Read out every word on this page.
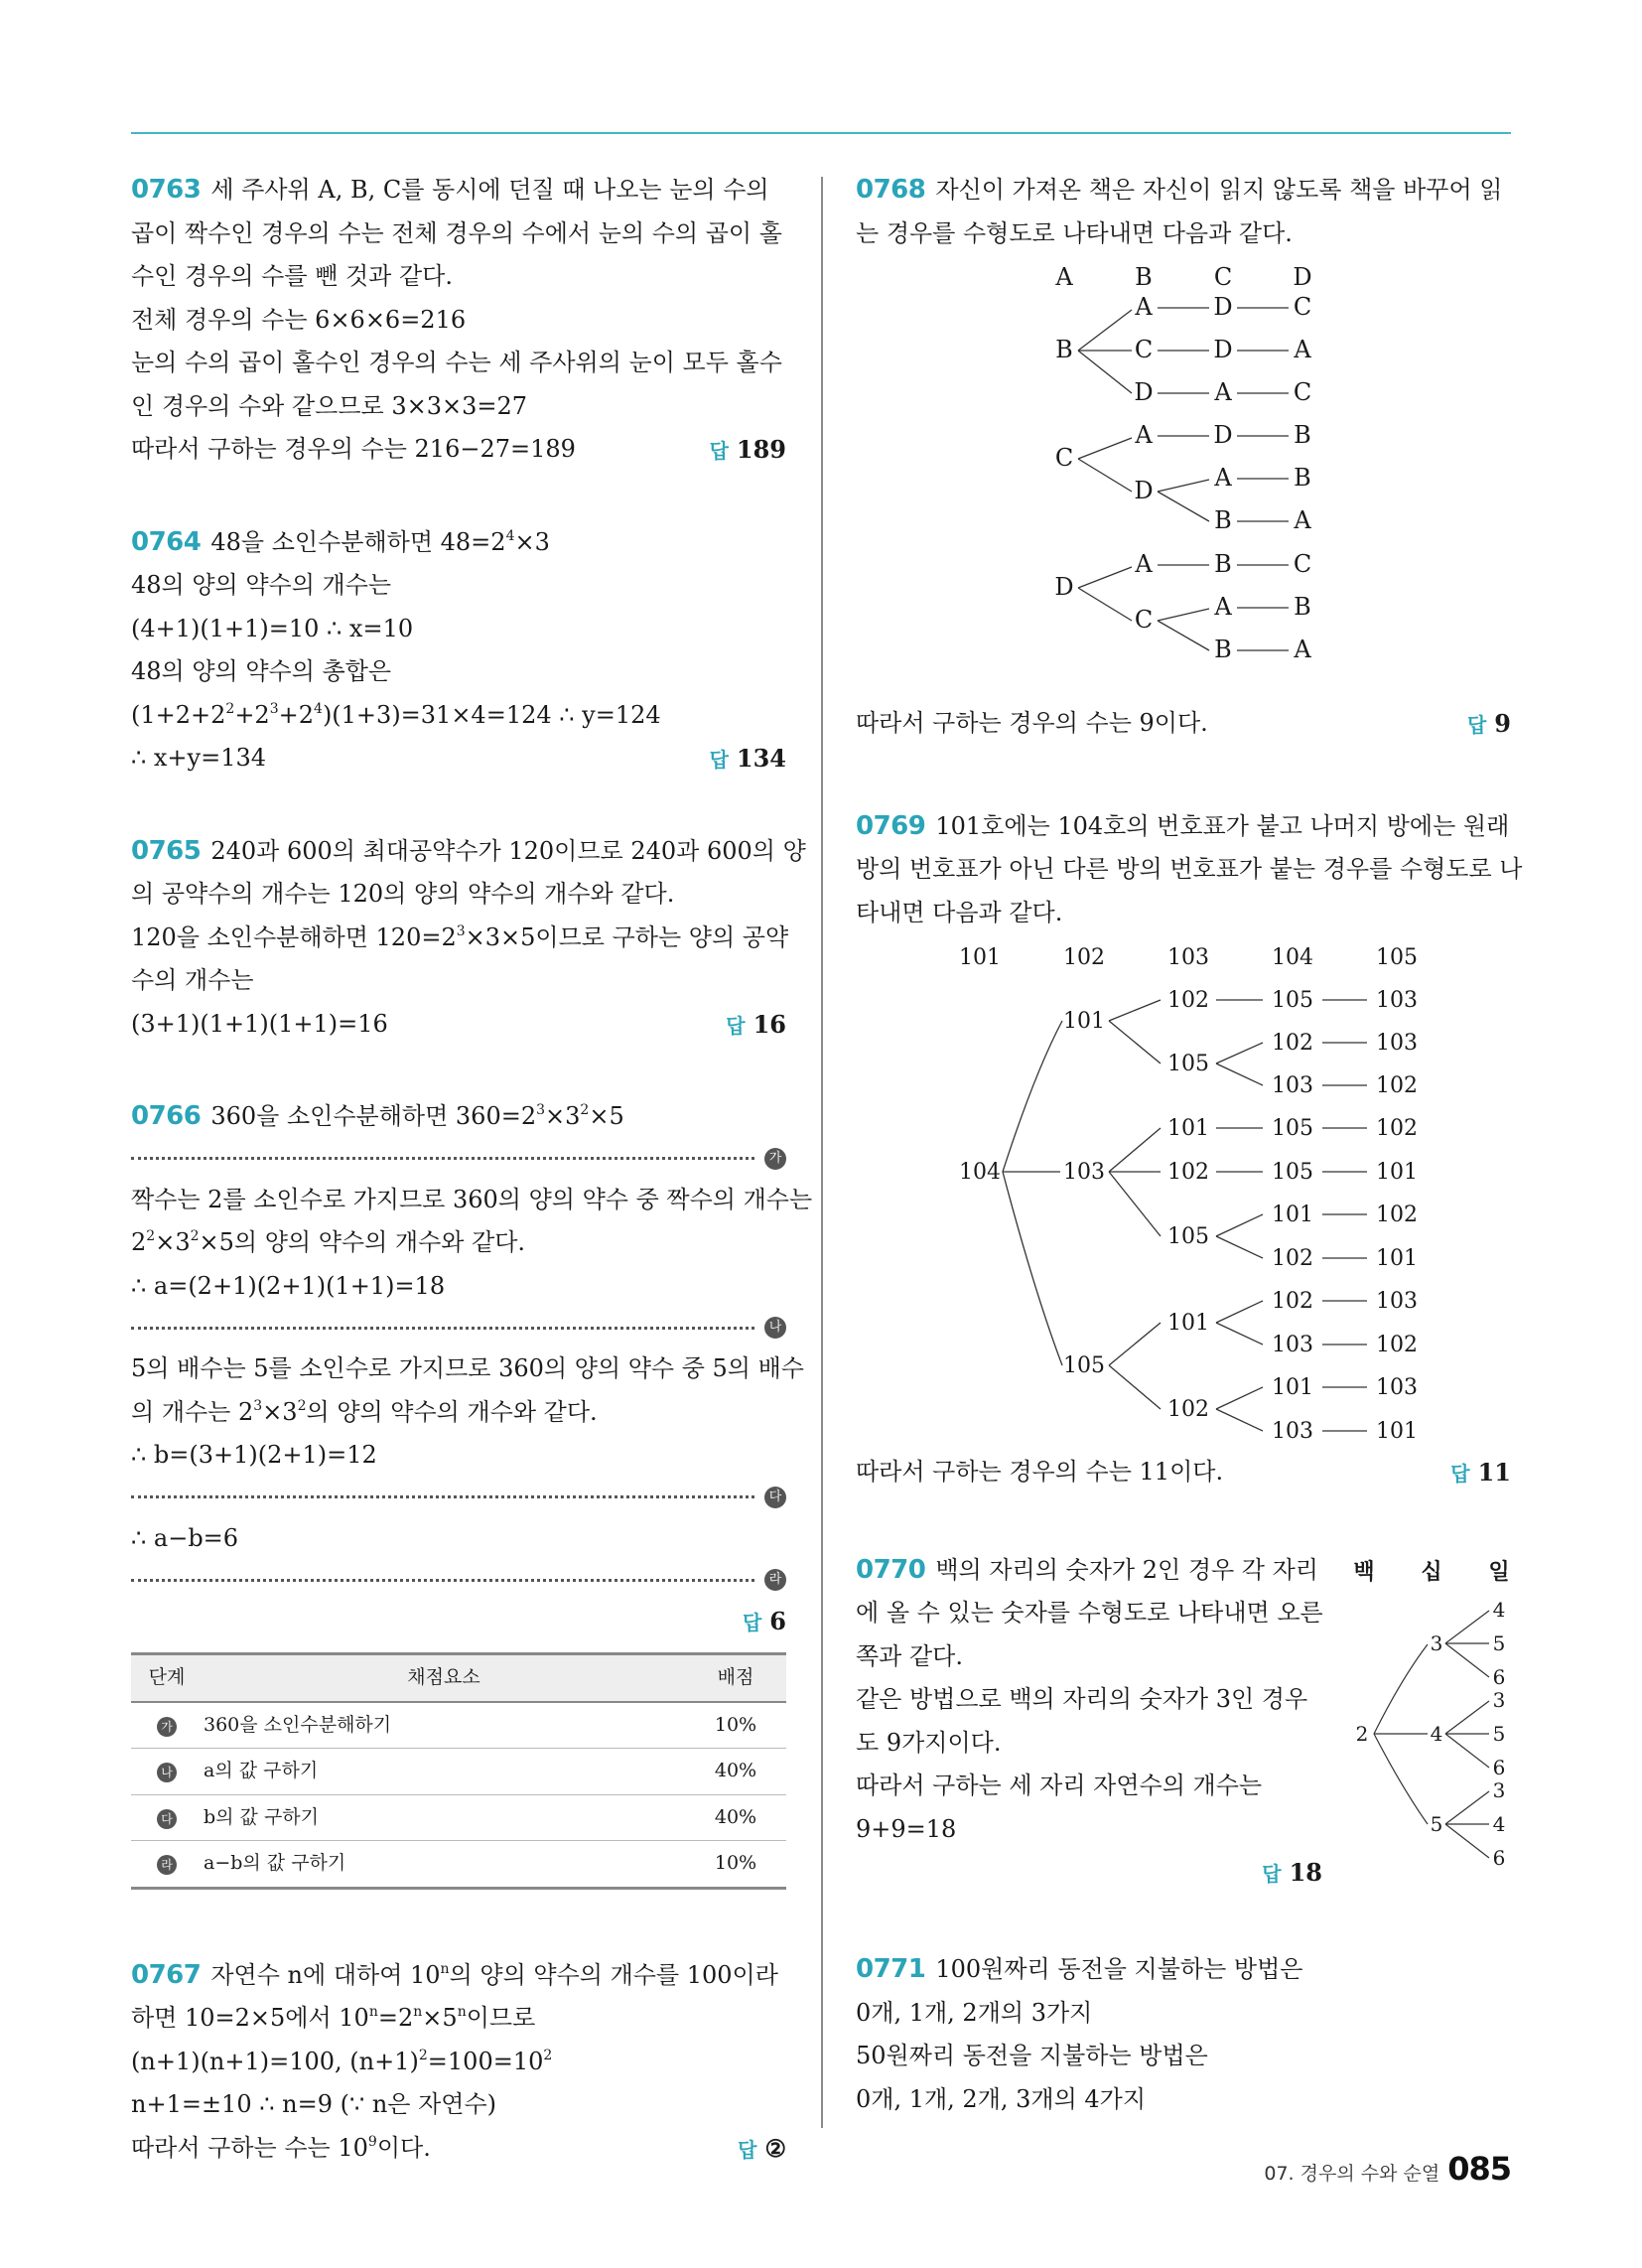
0763 세 주사위 A, B, C를 동시에 던질 때 나오는 눈의 수의
곱이 짝수인 경우의 수는 전체 경우의 수에서 눈의 수의 곱이 홀
수인 경우의 수를 뺀 것과 같다.
전체 경우의 수는 6×6×6=216
눈의 수의 곱이 홀수인 경우의 수는 세 주사위의 눈이 모두 홀수
인 경우의 수와 같으므로 3×3×3=27
따라서 구하는 경우의 수는 216−27=189	답 189
0764 48을 소인수분해하면 $48=2^4\times 3$
48의 양의 약수의 개수는
(4+1)(1+1)=10 ∴ x=10
48의 양의 약수의 총합은
$(1+2+2^2+2^3+2^4)(1+3)=31\times 4=124$ ∴ y=124
∴ x+y=134	답 134
0765 240과 600의 최대공약수가 120이므로 240과 600의 양
의 공약수의 개수는 120의 양의 약수의 개수와 같다.
120을 소인수분해하면 $120=2^3\times 3\times 5$이므로 구하는 양의 공약
수의 개수는
(3+1)(1+1)(1+1)=16	답 16
0766 360을 소인수분해하면 $360=2^3\times 3^2\times 5$
가
짝수는 2를 소인수로 가지므로 360의 양의 약수 중 짝수의 개수는
$2^2\times 3^2\times 5$의 양의 약수의 개수와 같다.
∴ a=(2+1)(2+1)(1+1)=18
나
5의 배수는 5를 소인수로 가지므로 360의 양의 약수 중 5의 배수
의 개수는 $2^3\times 3^2$의 양의 약수의 개수와 같다.
∴ b=(3+1)(2+1)=12
다
∴ a−b=6
라
답 6
단계	채점요소	배점
가	360을 소인수분해하기	10%
나	a의 값 구하기	40%
다	b의 값 구하기	40%
라	a−b의 값 구하기	10%
0767 자연수 n에 대하여 10$^n$의 양의 약수의 개수를 100이라
하면 10=2×5에서 $10^n=2^n\times 5^n$이므로
(n+1)(n+1)=100, $(n+1)^2=100=10^2$
n+1=±10 ∴ n=9 (∵ n은 자연수)
따라서 구하는 수는 $10^9$이다.	답 ②
0768 자신이 가져온 책은 자신이 읽지 않도록 책을 바꾸어 읽
는 경우를 수형도로 나타내면 다음과 같다.
A	B	C	D
B
A	D	C
C	D	A
D	A	C
C
A	D	B
D	A	B
B	A
D
A	B	C
C	A	B
B	A
따라서 구하는 경우의 수는 9이다.	답 9
0769 101호에는 104호의 번호표가 붙고 나머지 방에는 원래
방의 번호표가 아닌 다른 방의 번호표가 붙는 경우를 수형도로 나
타내면 다음과 같다.
101	102	103	104	105
104
101
103
105
102
105
101
102
105
101
102
105	103
102	103
103	102
105	102
105	101
101	102
102	101
102	103
103	102
101	103
103	101
따라서 구하는 경우의 수는 11이다.	답 11
0770 백의 자리의 숫자가 2인 경우 각 자리
에 올 수 있는 숫자를 수형도로 나타내면 오른
쪽과 같다.
같은 방법으로 백의 자리의 숫자가 3인 경우
도 9가지이다.
따라서 구하는 세 자리 자연수의 개수는
9+9=18
답 18
백 십 일
2
3
4
5
4
5
6
3
5
6
3
4
6
0771 100원짜리 동전을 지불하는 방법은
0개, 1개, 2개의 3가지
50원짜리 동전을 지불하는 방법은
0개, 1개, 2개, 3개의 4가지
07. 경우의 수와 순열 085
